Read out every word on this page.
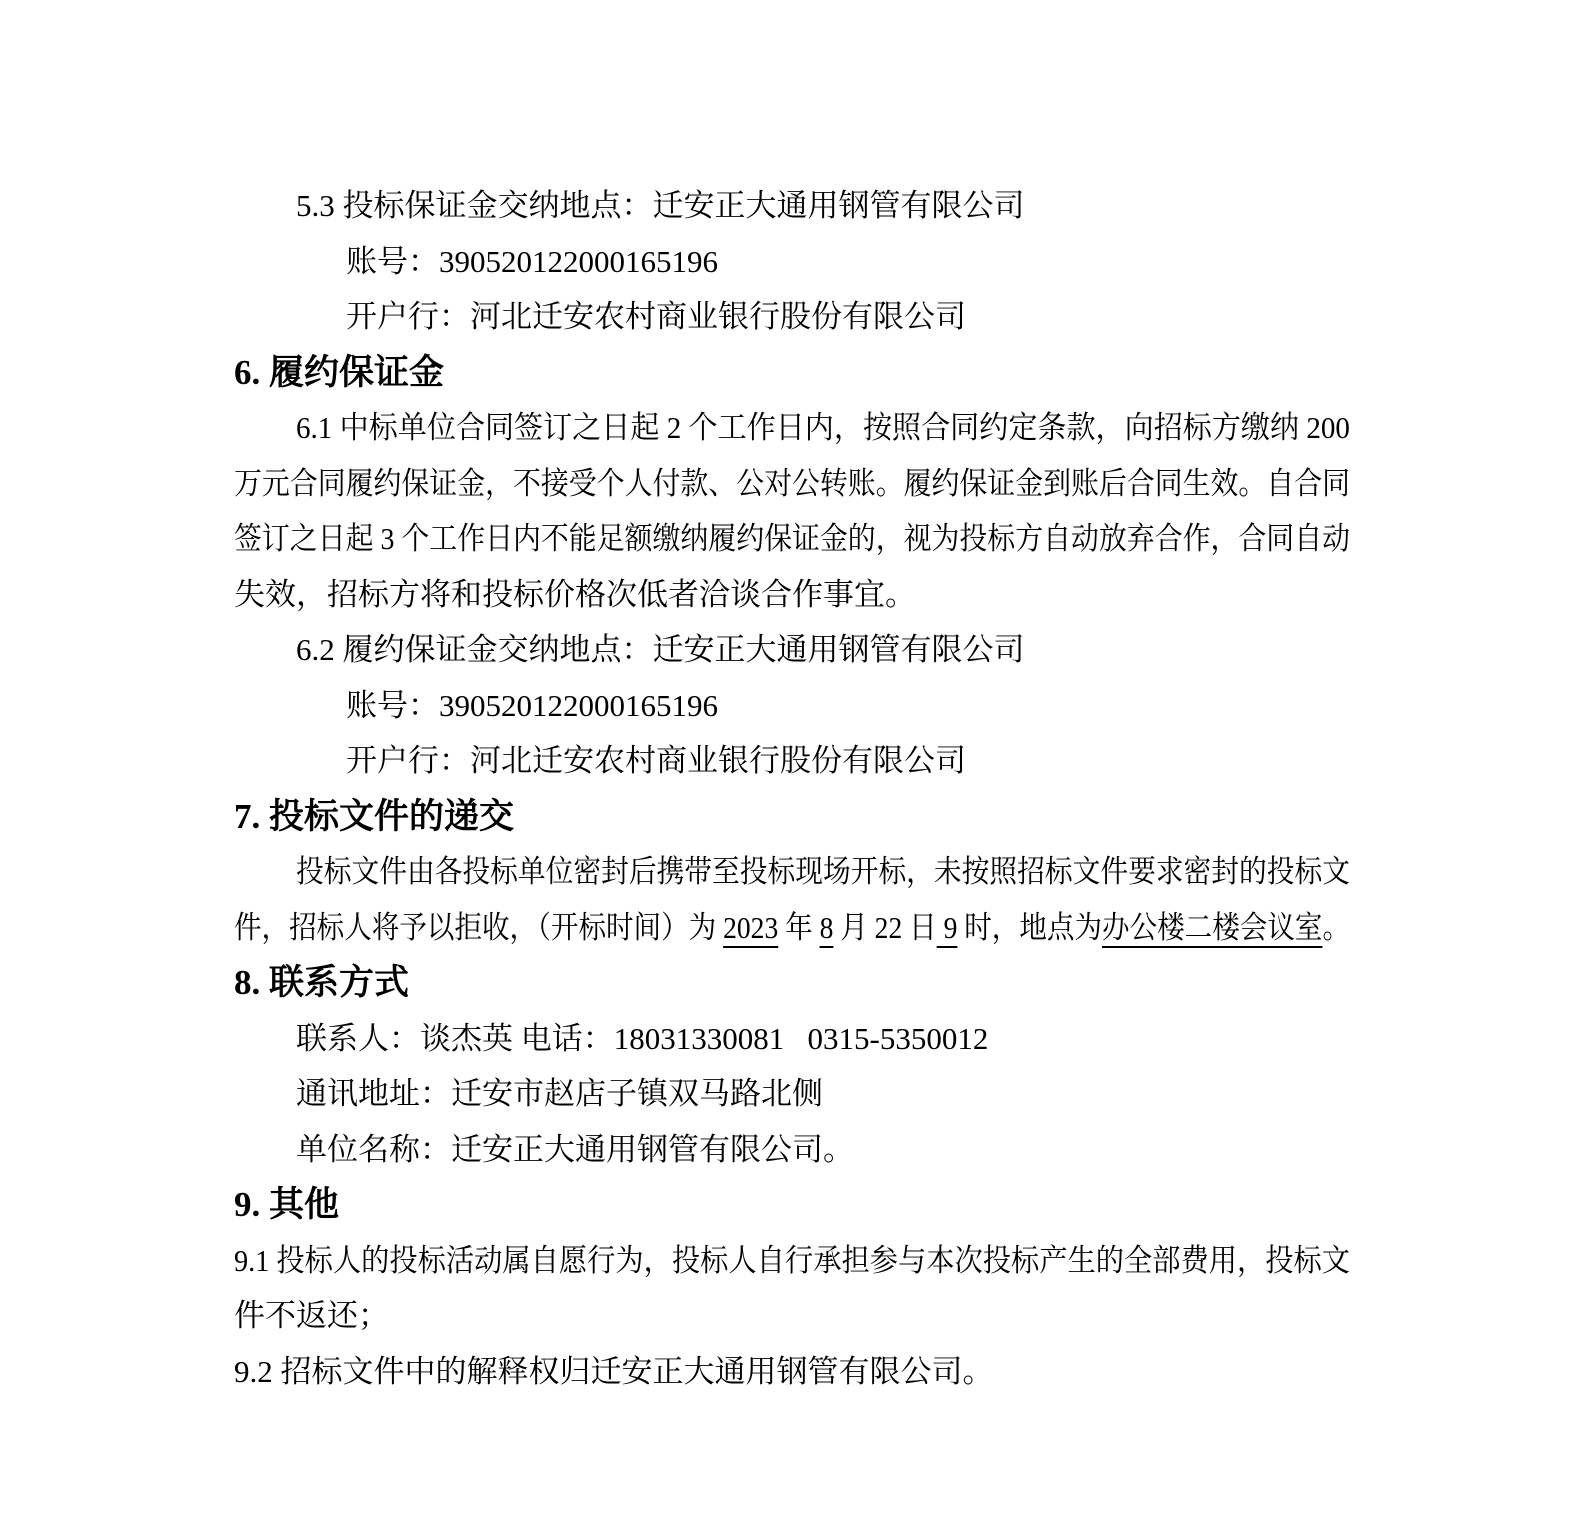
5.3 投标保证金交纳地点：迁安正大通用钢管有限公司
账号：390520122000165196
开户行：河北迁安农村商业银行股份有限公司
6. 履约保证金
6.1 中标单位合同签订之日起 2 个工作日内，按照合同约定条款，向招标方缴纳 200
万元合同履约保证金，不接受个人付款、公对公转账。履约保证金到账后合同生效。自合同
签订之日起 3 个工作日内不能足额缴纳履约保证金的，视为投标方自动放弃合作，合同自动
失效，招标方将和投标价格次低者洽谈合作事宜。
6.2 履约保证金交纳地点：迁安正大通用钢管有限公司
账号：390520122000165196
开户行：河北迁安农村商业银行股份有限公司
7. 投标文件的递交
投标文件由各投标单位密封后携带至投标现场开标，未按照招标文件要求密封的投标文
件，招标人将予以拒收，（开标时间）为 2023 年 8 月 22 日 9 时，地点为办公楼二楼会议室。
8. 联系方式
联系人：谈杰英 电话：18031330081   0315-5350012
通讯地址：迁安市赵店子镇双马路北侧
单位名称：迁安正大通用钢管有限公司。
9. 其他
9.1 投标人的投标活动属自愿行为，投标人自行承担参与本次投标产生的全部费用，投标文
件不返还；
9.2 招标文件中的解释权归迁安正大通用钢管有限公司。
